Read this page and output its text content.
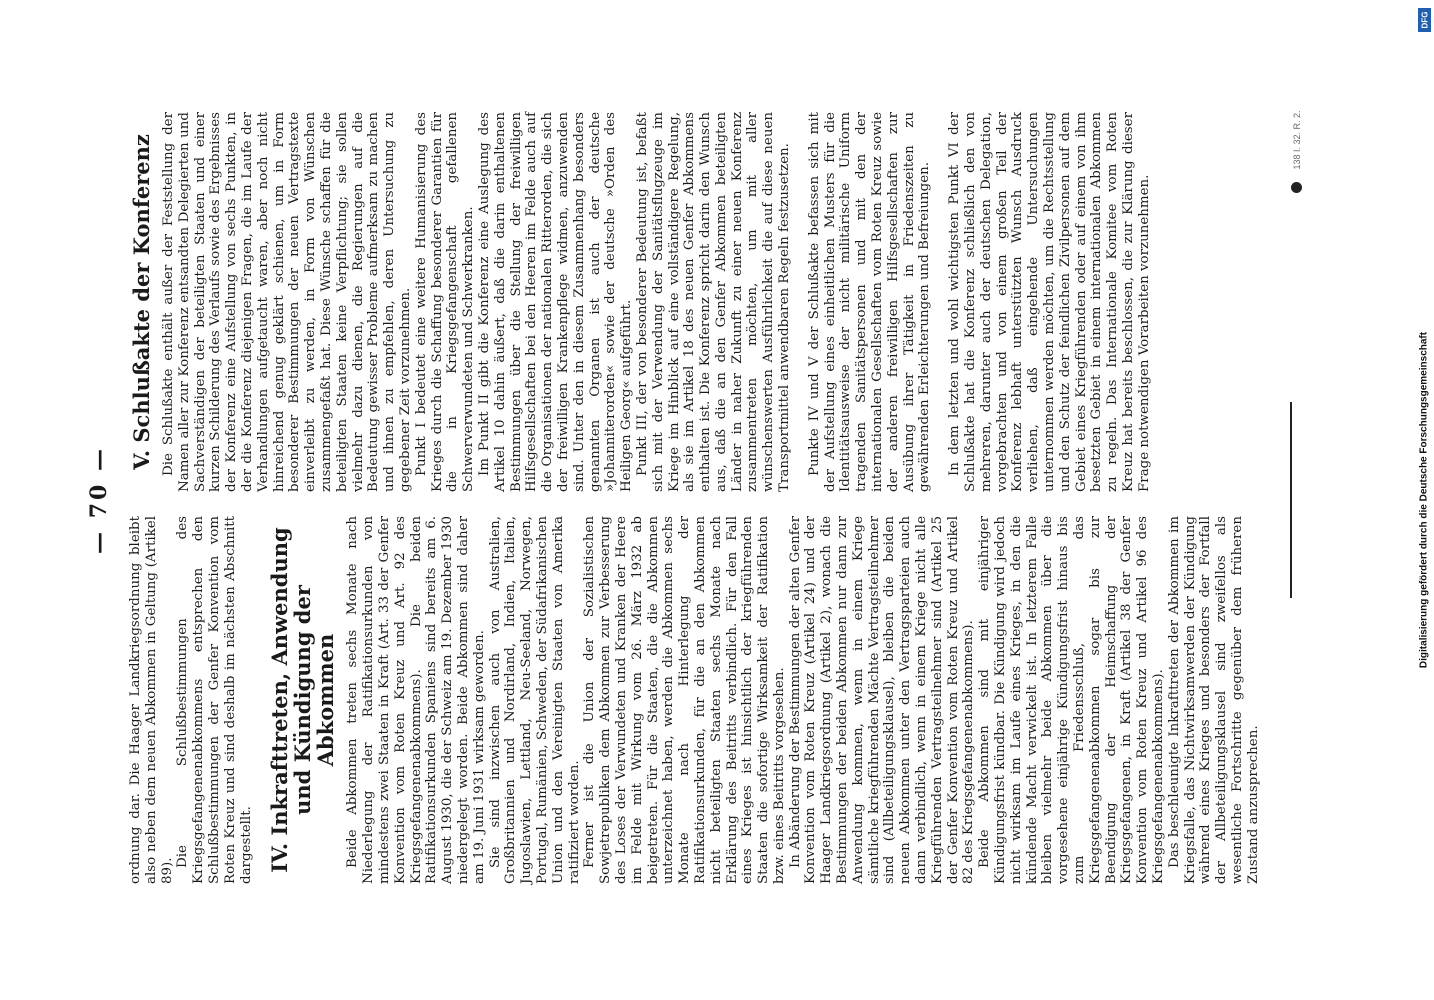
— 70 —

ordnung dar. Die Haager Landkriegsordnung bleibt also neben dem neuen Abkommen in Geltung (Artikel 89).

Die Schlußbestimmungen des Kriegsgefangenenabkommens entsprechen den Schlußbestimmungen der Genfer Konvention vom Roten Kreuz und sind deshalb im nächsten Abschnitt dargestellt. IV. Inkrafttreten, Anwendung und Kündigung der Abkommen Beide Abkommen treten sechs Monate nach Niederlegung der Ratifikationsurkunden von mindestens zwei Staaten in Kraft (Art. 33 der Genfer Konvention vom Roten Kreuz und Art. 92 des Kriegsgefangenenabkommens). Die beiden Ratifikationsurkunden Spaniens sind bereits am 6. August 1930, die der Schweiz am 19. Dezember 1930 niedergelegt worden. Beide Abkommen sind daher am 19. Juni 1931 wirksam geworden. Sie sind inzwischen auch von Australien, Großbritannien und Nordirland, Indien, Italien, Jugoslawien, Lettland, Neu-Seeland, Norwegen, Portugal, Rumänien, Schweden, der Südafrikanischen Union und den Vereinigten Staaten von Amerika ratifiziert worden. Ferner ist die Union der Sozialistischen Sowjetrepubliken dem Abkommen zur Verbesserung des Loses der Verwundeten und Kranken der Heere im Felde mit Wirkung vom 26. März 1932 ab beigetreten. Für die Staaten, die die Abkommen unterzeichnet haben, werden die Abkommen sechs Monate nach Hinterlegung der Ratifikationsurkunden, für die an den Abkommen nicht beteiligten Staaten sechs Monate nach Erklärung des Beitritts verbindlich. Für den Fall eines Krieges ist hinsichtlich der kriegführenden Staaten die sofortige Wirksamkeit der Ratifikation bzw. eines Beitritts vorgesehen. In Abänderung der Bestimmungen der alten Genfer Konvention vom Roten Kreuz (Artikel 24) und der Haager Landkriegsordnung (Artikel 2), wonach die Bestimmungen der beiden Abkommen nur dann zur Anwendung kommen, wenn in einem Kriege sämtliche kriegführenden Mächte Vertragsteilnehmer sind (Allbeteiligungsklausel), bleiben die beiden neuen Abkommen unter den Vertragsparteien auch dann verbindlich, wenn in einem Kriege nicht alle Kriegführenden Vertragsteilnehmer sind (Artikel 25 der Genfer Konvention vom Roten Kreuz und Artikel 82 des Kriegsgefangenenabkommens). Beide Abkommen sind mit einjähriger Kündigungsfrist kündbar. Die Kündigung wird jedoch nicht wirksam im Laufe eines Krieges, in den die kündende Macht verwickelt ist. In letzterem Falle bleiben vielmehr beide Abkommen über die vorgesehene einjährige Kündigungsfrist hinaus bis zum Friedensschluß, das Kriegsgefangenenabkommen sogar bis zur Beendigung der Heimschaffung der Kriegsgefangenen, in Kraft (Artikel 38 der Genfer Konvention vom Roten Kreuz und Artikel 96 des Kriegsgefangenenabkommens). Das beschleunigte Inkrafttreten der Abkommen im Kriegsfalle, das Nichtwirksamwerden der Kündigung während eines Krieges und besonders der Fortfall der Allbeteiligungsklausel sind zweifellos als wesentliche Fortschritte gegenüber dem früheren Zustand anzusprechen.

V. Schlußakte der Konferenz Die Schlußakte enthält außer der Feststellung der Namen aller zur Konferenz entsandten Delegierten und Sachverständigen der beteiligten Staaten und einer kurzen Schilderung des Verlaufs sowie des Ergebnisses der Konferenz eine Aufstellung von sechs Punkten, in der die Konferenz diejenigen Fragen, die im Laufe der Verhandlungen aufgetaucht waren, aber noch nicht hinreichend genug geklärt schienen, um in Form besonderer Bestimmungen der neuen Vertragstexte einverleibt zu werden, in Form von Wünschen zusammengefaßt hat. Diese Wünsche schaffen für die beteiligten Staaten keine Verpflichtung; sie sollen vielmehr dazu dienen, die Regierungen auf die Bedeutung gewisser Probleme aufmerksam zu machen und ihnen zu empfehlen, deren Untersuchung zu gegebener Zeit vorzunehmen. Punkt I bedeutet eine weitere Humanisierung des Krieges durch die Schaffung besonderer Garantien für die in Kriegsgefangenschaft gefallenen Schwerverwundeten und Schwerkranken. Im Punkt II gibt die Konferenz eine Auslegung des Artikel 10 dahin äußert, daß die darin enthaltenen Bestimmungen über die Stellung der freiwilligen Hilfsgesellschaften bei den Heeren im Felde auch auf die Organisationen der nationalen Ritterorden, die sich der freiwilligen Krankenpflege widmen, anzuwenden sind. Unter den in diesem Zusammenhang besonders genannten Organen ist auch der deutsche »Johanniterorden« sowie der deutsche »Orden des Heiligen Georg« aufgeführt. Punkt III, der von besonderer Bedeutung ist, befaßt sich mit der Verwendung der Sanitätsflugzeuge im Kriege im Hinblick auf eine vollständigere Regelung, als sie im Artikel 18 des neuen Genfer Abkommens enthalten ist. Die Konferenz spricht darin den Wunsch aus, daß die an den Genfer Abkommen beteiligten Länder in naher Zukunft zu einer neuen Konferenz zusammentreten möchten, um mit aller wünschenswerten Ausführlichkeit die auf diese neuen Transportmittel anwendbaren Regeln festzusetzen. Punkte IV und V der Schlußakte befassen sich mit der Aufstellung eines einheitlichen Musters für die Identitätsausweise der nicht militärische Uniform tragenden Sanitätspersonen und mit den der internationalen Gesellschaften vom Roten Kreuz sowie der anderen freiwilligen Hilfsgesellschaften zur Ausübung ihrer Tätigkeit in Friedenszeiten zu gewährenden Erleichterungen und Befreiungen. In dem letzten und wohl wichtigsten Punkt VI der Schlußakte hat die Konferenz schließlich den von mehreren, darunter auch der deutschen Delegation, vorgebrachten und von einem großen Teil der Konferenz lebhaft unterstützten Wunsch Ausdruck verliehen, daß eingehende Untersuchungen unternommen werden möchten, um die Rechtsstellung und den Schutz der feindlichen Zivilpersonen auf dem Gebiet eines Kriegführenden oder auf einem von ihm besetzten Gebiet in einem internationalen Abkommen zu regeln. Das Internationale Komitee vom Roten Kreuz hat bereits beschlossen, die zur Klärung dieser Frage notwendigen Vorarbeiten vorzunehmen.

138 I. 32. R. 2.
DFG
Digitalisierung gefördert durch die Deutsche Forschungsgemeinschaft
